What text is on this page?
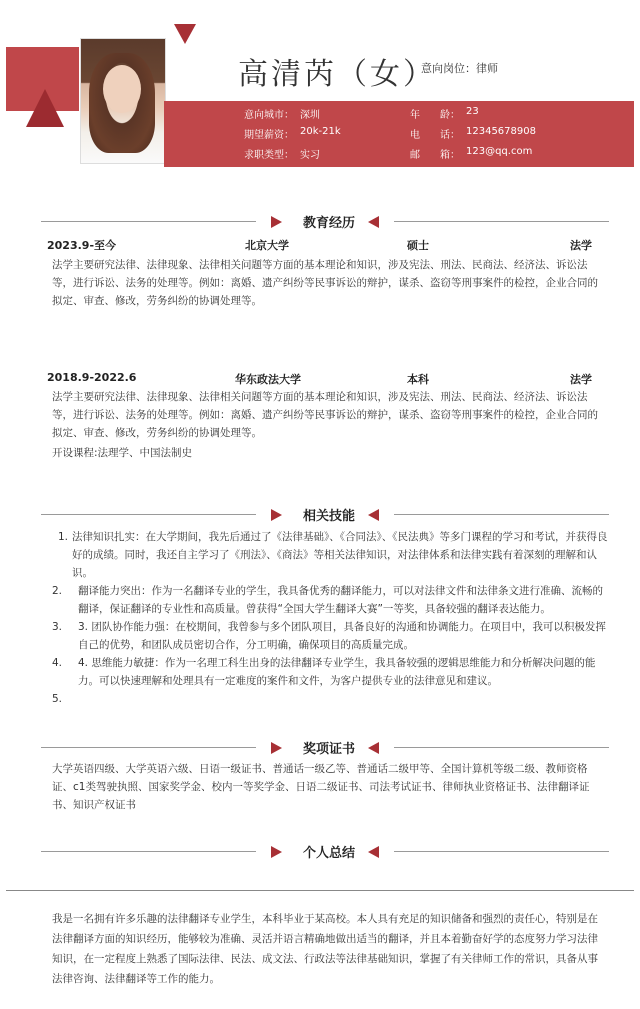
高清芮（女）
意向岗位：律师
意向城市： 深圳	年　　龄： 23
期望薪资： 20k-21k	电　　话： 12345678908
求职类型： 实习	邮　　箱： 123@qq.com
教育经历
2023.9-至今	北京大学	硕士	法学
法学主要研究法律、法律现象、法律相关问题等方面的基本理论和知识，涉及宪法、刑法、民商法、经济法、诉讼法等，进行诉讼、法务的处理等。例如：离婚、遗产纠纷等民事诉讼的辩护，谋杀、盗窃等刑事案件的检控，企业合同的拟定、审查、修改，劳务纠纷的协调处理等。
2018.9-2022.6	华东政法大学	本科	法学
法学主要研究法律、法律现象、法律相关问题等方面的基本理论和知识，涉及宪法、刑法、民商法、经济法、诉讼法等，进行诉讼、法务的处理等。例如：离婚、遗产纠纷等民事诉讼的辩护，谋杀、盗窃等刑事案件的检控，企业合同的拟定、审查、修改，劳务纠纷的协调处理等。
开设课程:法理学、中国法制史
相关技能
1. 法律知识扎实：在大学期间，我先后通过了《法律基础》、《合同法》、《民法典》等多门课程的学习和考试，并获得良好的成绩。同时，我还自主学习了《刑法》、《商法》等相关法律知识，对法律体系和法律实践有着深刻的理解和认识。
2. 翻译能力突出：作为一名翻译专业的学生，我具备优秀的翻译能力，可以对法律文件和法律条文进行准确、流畅的翻译，保证翻译的专业性和高质量。曾获得“全国大学生翻译大赛”一等奖，具备较强的翻译表达能力。
3. 3. 团队协作能力强：在校期间，我曾参与多个团队项目，具备良好的沟通和协调能力。在项目中，我可以积极发挥自己的优势，和团队成员密切合作，分工明确，确保项目的高质量完成。
4. 4. 思维能力敏捷：作为一名理工科生出身的法律翻译专业学生，我具备较强的逻辑思维能力和分析解决问题的能力。可以快速理解和处理具有一定难度的案件和文件，为客户提供专业的法律意见和建议。
5.
奖项证书
大学英语四级、大学英语六级、日语一级证书、普通话一级乙等、普通话二级甲等、全国计算机等级二级、教师资格证、c1类驾驶执照、国家奖学金、校内一等奖学金、日语二级证书、司法考试证书、律师执业资格证书、法律翻译证书、知识产权证书
个人总结
我是一名拥有许多乐趣的法律翻译专业学生，本科毕业于某高校。本人具有充足的知识储备和强烈的责任心，特别是在法律翻译方面的知识经历，能够较为准确、灵活并语言精确地做出适当的翻译，并且本着勤奋好学的态度努力学习法律知识，在一定程度上熟悉了国际法律、民法、成文法、行政法等法律基础知识，掌握了有关律师工作的常识，具备从事法律咨询、法律翻译等工作的能力。
